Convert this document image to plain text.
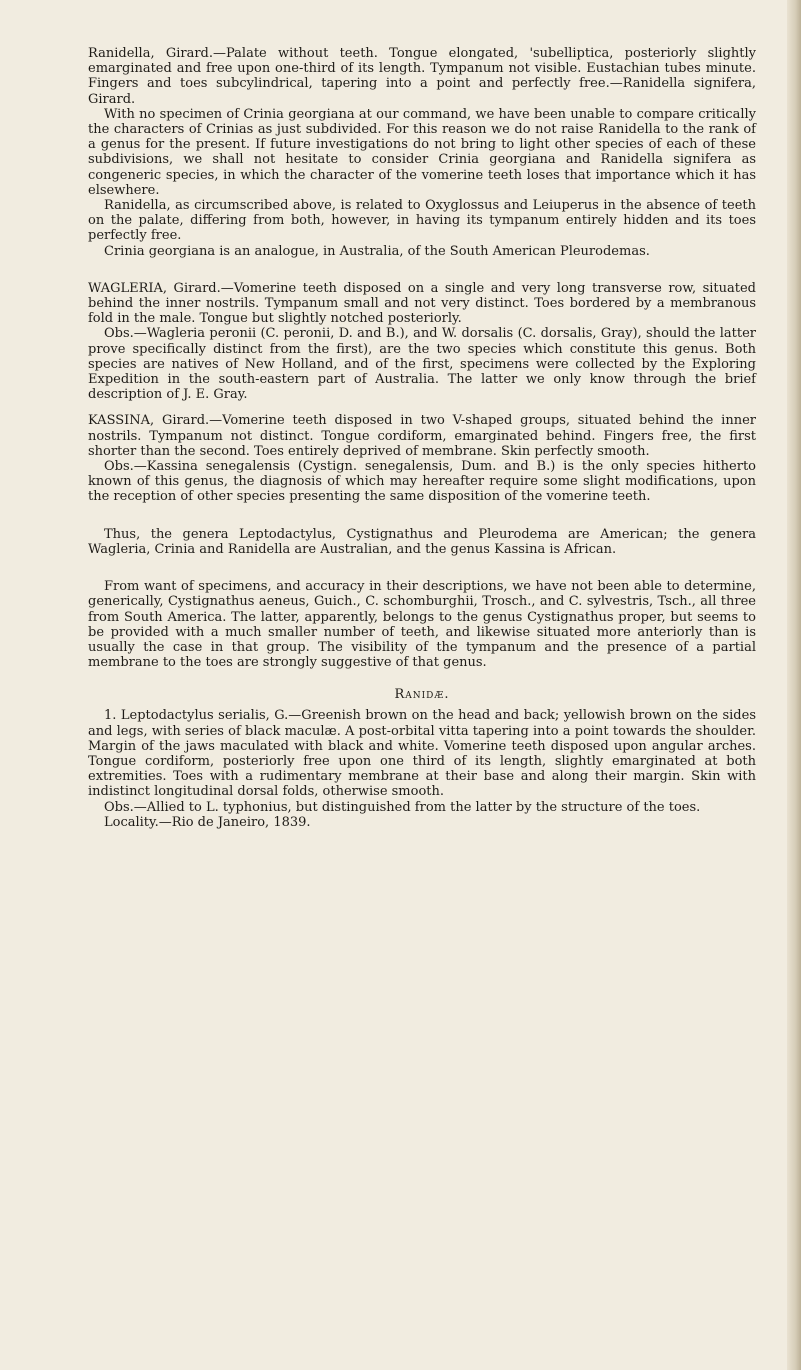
Ranidella, Girard.—Palate without teeth. Tongue elongated, 'subelliptica, posteriorly slightly emarginated and free upon one-third of its length. Tympanum not visible. Eustachian tubes minute. Fingers and toes subcylindrical, tapering into a point and perfectly free.—Ranidella signifera, Girard.

With no specimen of Crinia georgiana at our command, we have been unable to compare critically the characters of Crinias as just subdivided. For this reason we do not raise Ranidella to the rank of a genus for the present. If future investigations do not bring to light other species of each of these subdivisions, we shall not hesitate to consider Crinia georgiana and Ranidella signifera as congeneric species, in which the character of the vomerine teeth loses that importance which it has elsewhere.

Ranidella, as circumscribed above, is related to Oxyglossus and Leiuperus in the absence of teeth on the palate, differing from both, however, in having its tympanum entirely hidden and its toes perfectly free.

Crinia georgiana is an analogue, in Australia, of the South American Pleurodemas.

WAGLERIA, Girard.—Vomerine teeth disposed on a single and very long transverse row, situated behind the inner nostrils. Tympanum small and not very distinct. Toes bordered by a membranous fold in the male. Tongue but slightly notched posteriorly.

Obs.—Wagleria peronii (C. peronii, D. and B.), and W. dorsalis (C. dorsalis, Gray), should the latter prove specifically distinct from the first), are the two species which constitute this genus. Both species are natives of New Holland, and of the first, specimens were collected by the Exploring Expedition in the south-eastern part of Australia. The latter we only know through the brief description of J. E. Gray.

KASSINA, Girard.—Vomerine teeth disposed in two V-shaped groups, situated behind the inner nostrils. Tympanum not distinct. Tongue cordiform, emarginated behind. Fingers free, the first shorter than the second. Toes entirely deprived of membrane. Skin perfectly smooth.

Obs.—Kassina senegalensis (Cystign. senegalensis, Dum. and B.) is the only species hitherto known of this genus, the diagnosis of which may hereafter require some slight modifications, upon the reception of other species presenting the same disposition of the vomerine teeth.

Thus, the genera Leptodactylus, Cystignathus and Pleurodema are American; the genera Wagleria, Crinia and Ranidella are Australian, and the genus Kassina is African.

From want of specimens, and accuracy in their descriptions, we have not been able to determine, generically, Cystignathus aeneus, Guich., C. schomburghii, Trosch., and C. sylvestris, Tsch., all three from South America. The latter, apparently, belongs to the genus Cystignathus proper, but seems to be provided with a much smaller number of teeth, and likewise situated more anteriorly than is usually the case in that group. The visibility of the tympanum and the presence of a partial membrane to the toes are strongly suggestive of that genus.

Ranidæ.

1. Leptodactylus serialis, G.—Greenish brown on the head and back; yellowish brown on the sides and legs, with series of black maculæ. A post-orbital vitta tapering into a point towards the shoulder. Margin of the jaws maculated with black and white. Vomerine teeth disposed upon angular arches. Tongue cordiform, posteriorly free upon one third of its length, slightly emarginated at both extremities. Toes with a rudimentary membrane at their base and along their margin. Skin with indistinct longitudinal dorsal folds, otherwise smooth.

Obs.—Allied to L. typhonius, but distinguished from the latter by the structure of the toes.

Locality.—Rio de Janeiro, 1839.
